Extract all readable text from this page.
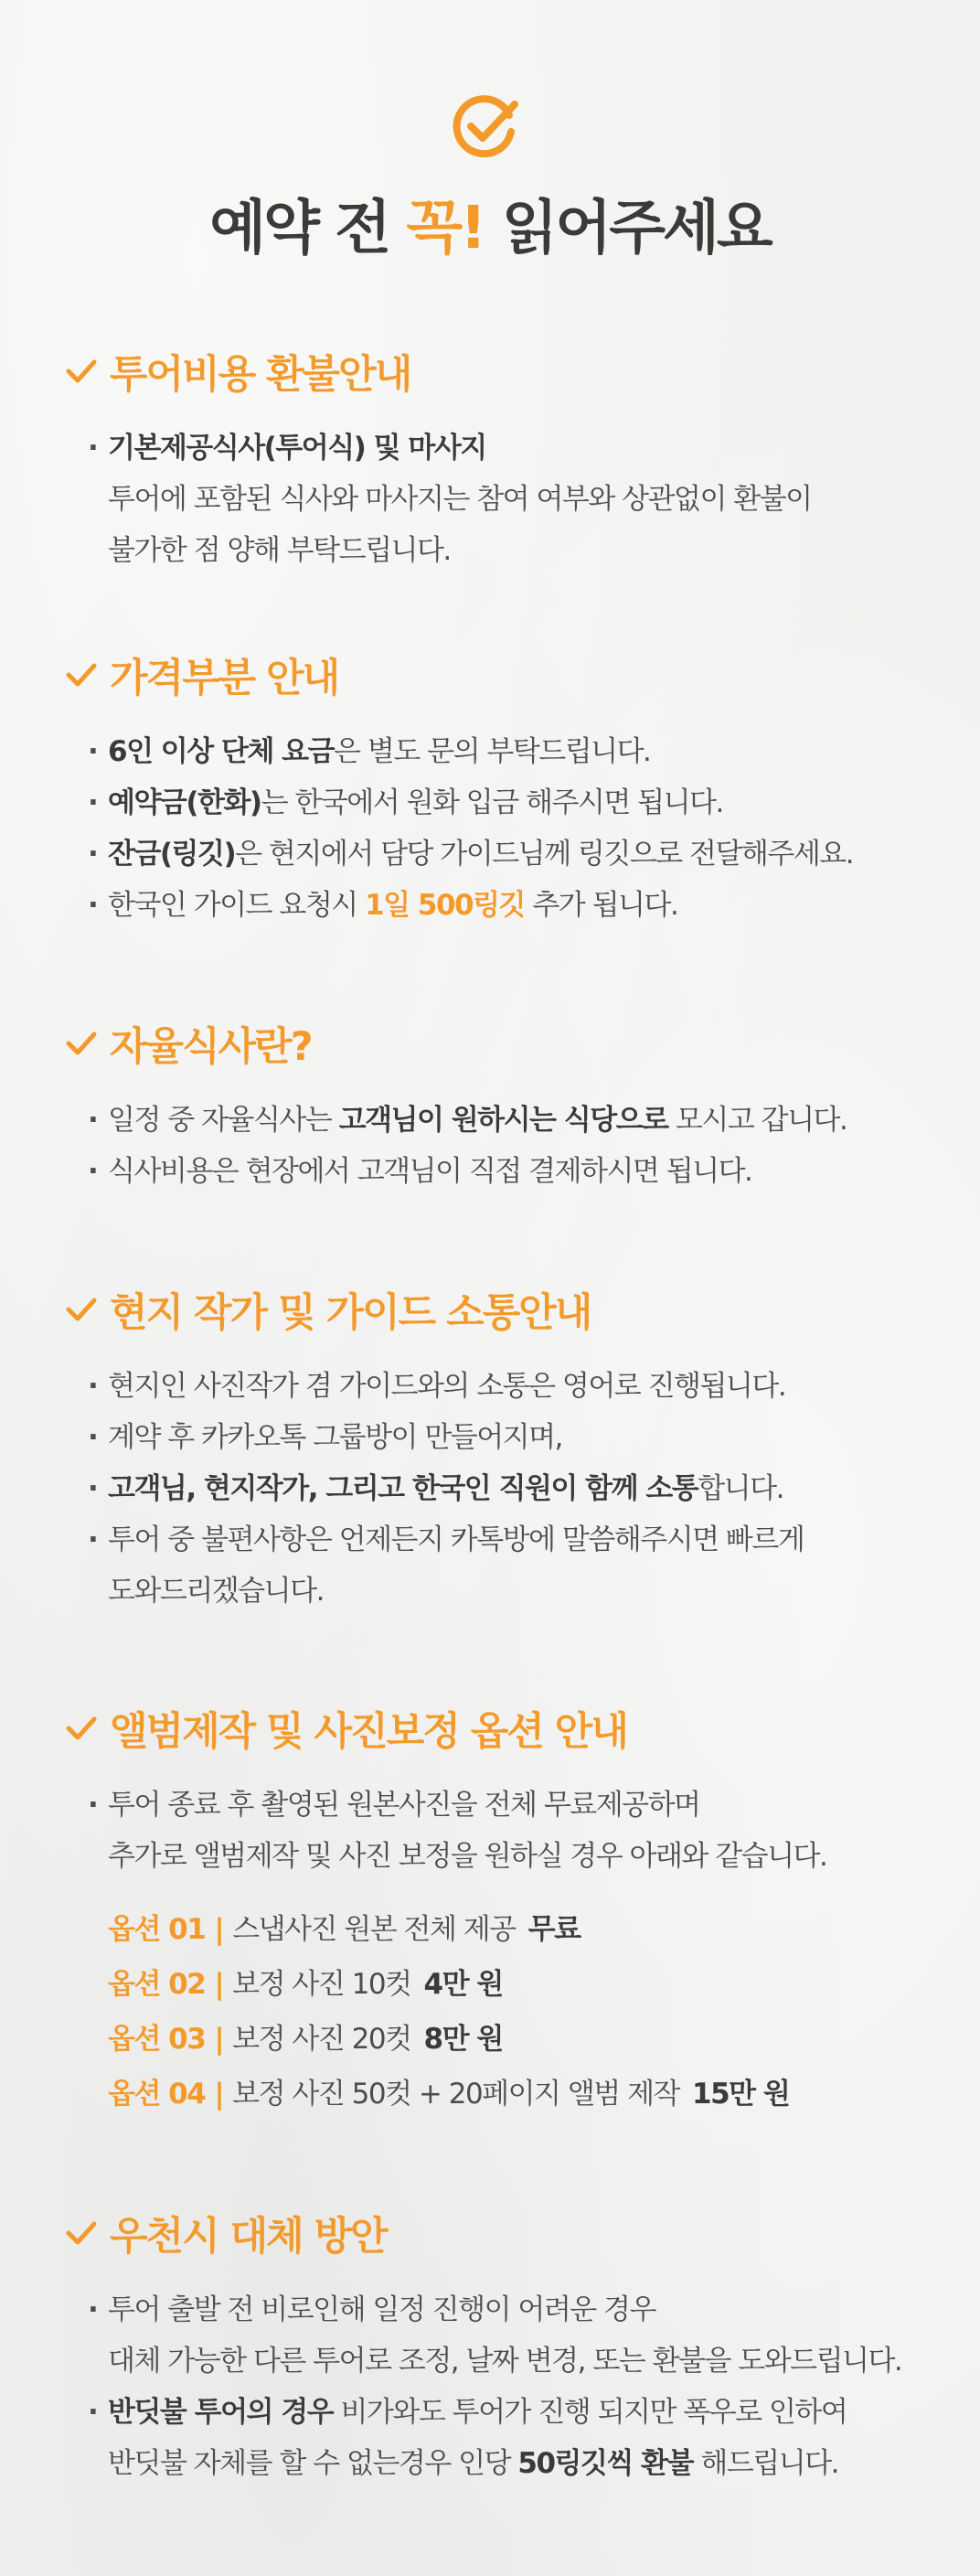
예약 전 꼭! 읽어주세요
투어비용 환불안내
· 기본제공식사(투어식) 및 마사지
투어에 포함된 식사와 마사지는 참여 여부와 상관없이 환불이
불가한 점 양해 부탁드립니다.
가격부분 안내
· 6인 이상 단체 요금은 별도 문의 부탁드립니다.
· 예약금(한화)는 한국에서 원화 입금 해주시면 됩니다.
· 잔금(링깃)은 현지에서 담당 가이드님께 링깃으로 전달해주세요.
· 한국인 가이드 요청시 1일 500링깃 추가 됩니다.
자율식사란?
· 일정 중 자율식사는 고객님이 원하시는 식당으로 모시고 갑니다.
· 식사비용은 현장에서 고객님이 직접 결제하시면 됩니다.
현지 작가 및 가이드 소통안내
· 현지인 사진작가 겸 가이드와의 소통은 영어로 진행됩니다.
· 계약 후 카카오톡 그룹방이 만들어지며,
· 고객님, 현지작가, 그리고 한국인 직원이 함께 소통합니다.
· 투어 중 불편사항은 언제든지 카톡방에 말씀해주시면 빠르게
도와드리겠습니다.
앨범제작 및 사진보정 옵션 안내
· 투어 종료 후 촬영된 원본사진을 전체 무료제공하며
추가로 앨범제작 및 사진 보정을 원하실 경우 아래와 같습니다.
옵션 01 | 스냅사진 원본 전체 제공 무료
옵션 02 | 보정 사진 10컷 4만 원
옵션 03 | 보정 사진 20컷 8만 원
옵션 04 | 보정 사진 50컷 + 20페이지 앨범 제작 15만 원
우천시 대체 방안
· 투어 출발 전 비로인해 일정 진행이 어려운 경우
대체 가능한 다른 투어로 조정, 날짜 변경, 또는 환불을 도와드립니다.
· 반딧불 투어의 경우 비가와도 투어가 진행 되지만 폭우로 인하여
반딧불 자체를 할 수 없는경우 인당 50링깃씩 환불 해드립니다.
